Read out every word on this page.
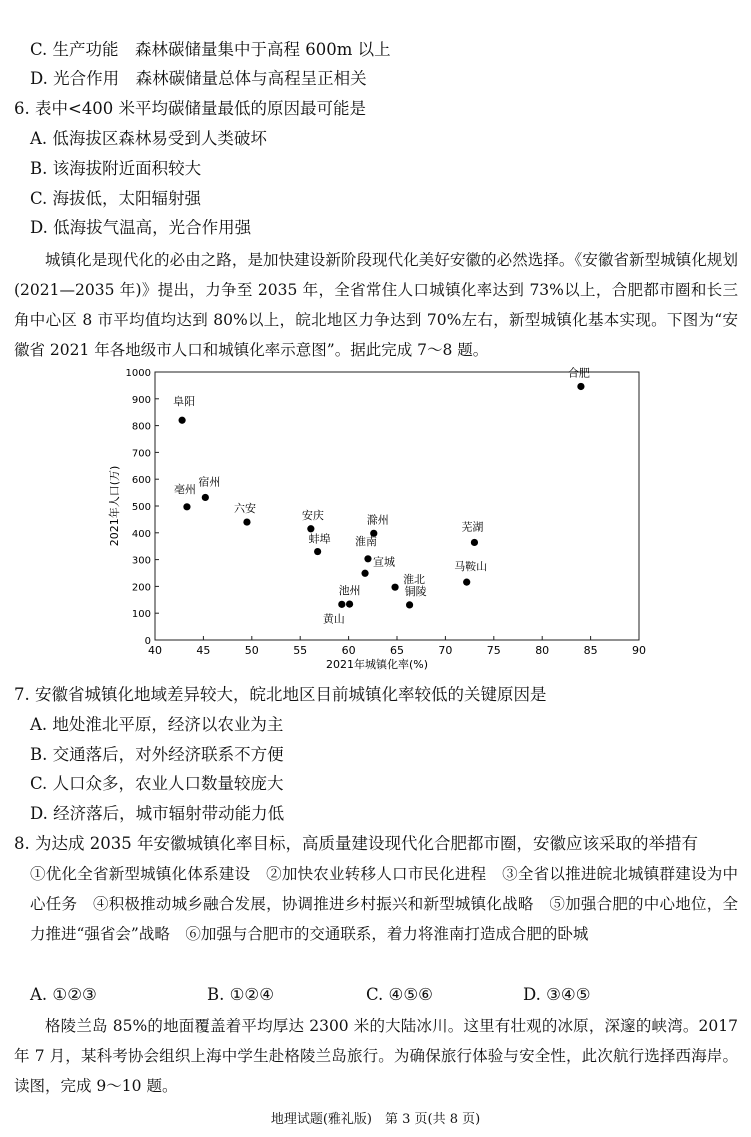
C. 生产功能　森林碳储量集中于高程 600m 以上
D. 光合作用　森林碳储量总体与高程呈正相关
6. 表中<400 米平均碳储量最低的原因最可能是
A. 低海拔区森林易受到人类破坏
B. 该海拔附近面积较大
C. 海拔低，太阳辐射强
D. 低海拔气温高，光合作用强
城镇化是现代化的必由之路，是加快建设新阶段现代化美好安徽的必然选择。《安徽省新型城镇化规划(2021—2035 年)》提出，力争至 2035 年，全省常住人口城镇化率达到 73%以上，合肥都市圈和长三角中心区 8 市平均值均达到 80%以上，皖北地区力争达到 70%左右，新型城镇化基本实现。下图为“安徽省 2021 年各地级市人口和城镇化率示意图”。据此完成 7～8 题。
40	45	50	55	60	65	70	75	80	85	90
0
100
200
300
400
500
600
700
800
900
1000
2021年城镇化率(%)
2021年人口(万)
合肥
阜阳
宿州
亳州
六安
安庆
蚌埠
滁州
淮南
宣城
淮北
铜陵
池州
黄山
芜湖
马鞍山
7. 安徽省城镇化地域差异较大，皖北地区目前城镇化率较低的关键原因是
A. 地处淮北平原，经济以农业为主
B. 交通落后，对外经济联系不方便
C. 人口众多，农业人口数量较庞大
D. 经济落后，城市辐射带动能力低
8. 为达成 2035 年安徽城镇化率目标，高质量建设现代化合肥都市圈，安徽应该采取的举措有
①优化全省新型城镇化体系建设　②加快农业转移人口市民化进程　③全省以推进皖北城镇群建设为中心任务　④积极推动城乡融合发展，协调推进乡村振兴和新型城镇化战略　⑤加强合肥的中心地位，全力推进“强省会”战略　⑥加强与合肥市的交通联系，着力将淮南打造成合肥的卧城
A. ①②③	B. ①②④	C. ④⑤⑥	D. ③④⑤
格陵兰岛 85%的地面覆盖着平均厚达 2300 米的大陆冰川。这里有壮观的冰原，深邃的峡湾。2017 年 7 月，某科考协会组织上海中学生赴格陵兰岛旅行。为确保旅行体验与安全性，此次航行选择西海岸。读图，完成 9～10 题。
地理试题(雅礼版)　第 3 页(共 8 页)
